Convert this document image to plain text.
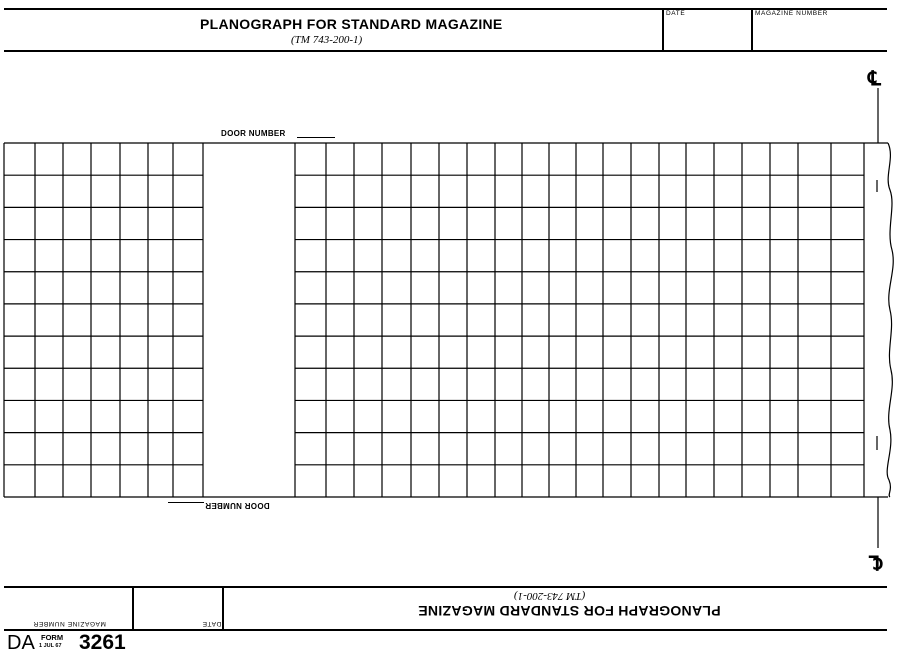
PLANOGRAPH FOR STANDARD MAGAZINE
(TM 743-200-1)
DATE	MAGAZINE NUMBER
℄
DOOR NUMBER
DOOR NUMBER
℄
PLANOGRAPH FOR STANDARD MAGAZINE
(TM 743-200-1)
MAGAZINE NUMBER	DATE
DA FORM
1 JUL 67 3261
